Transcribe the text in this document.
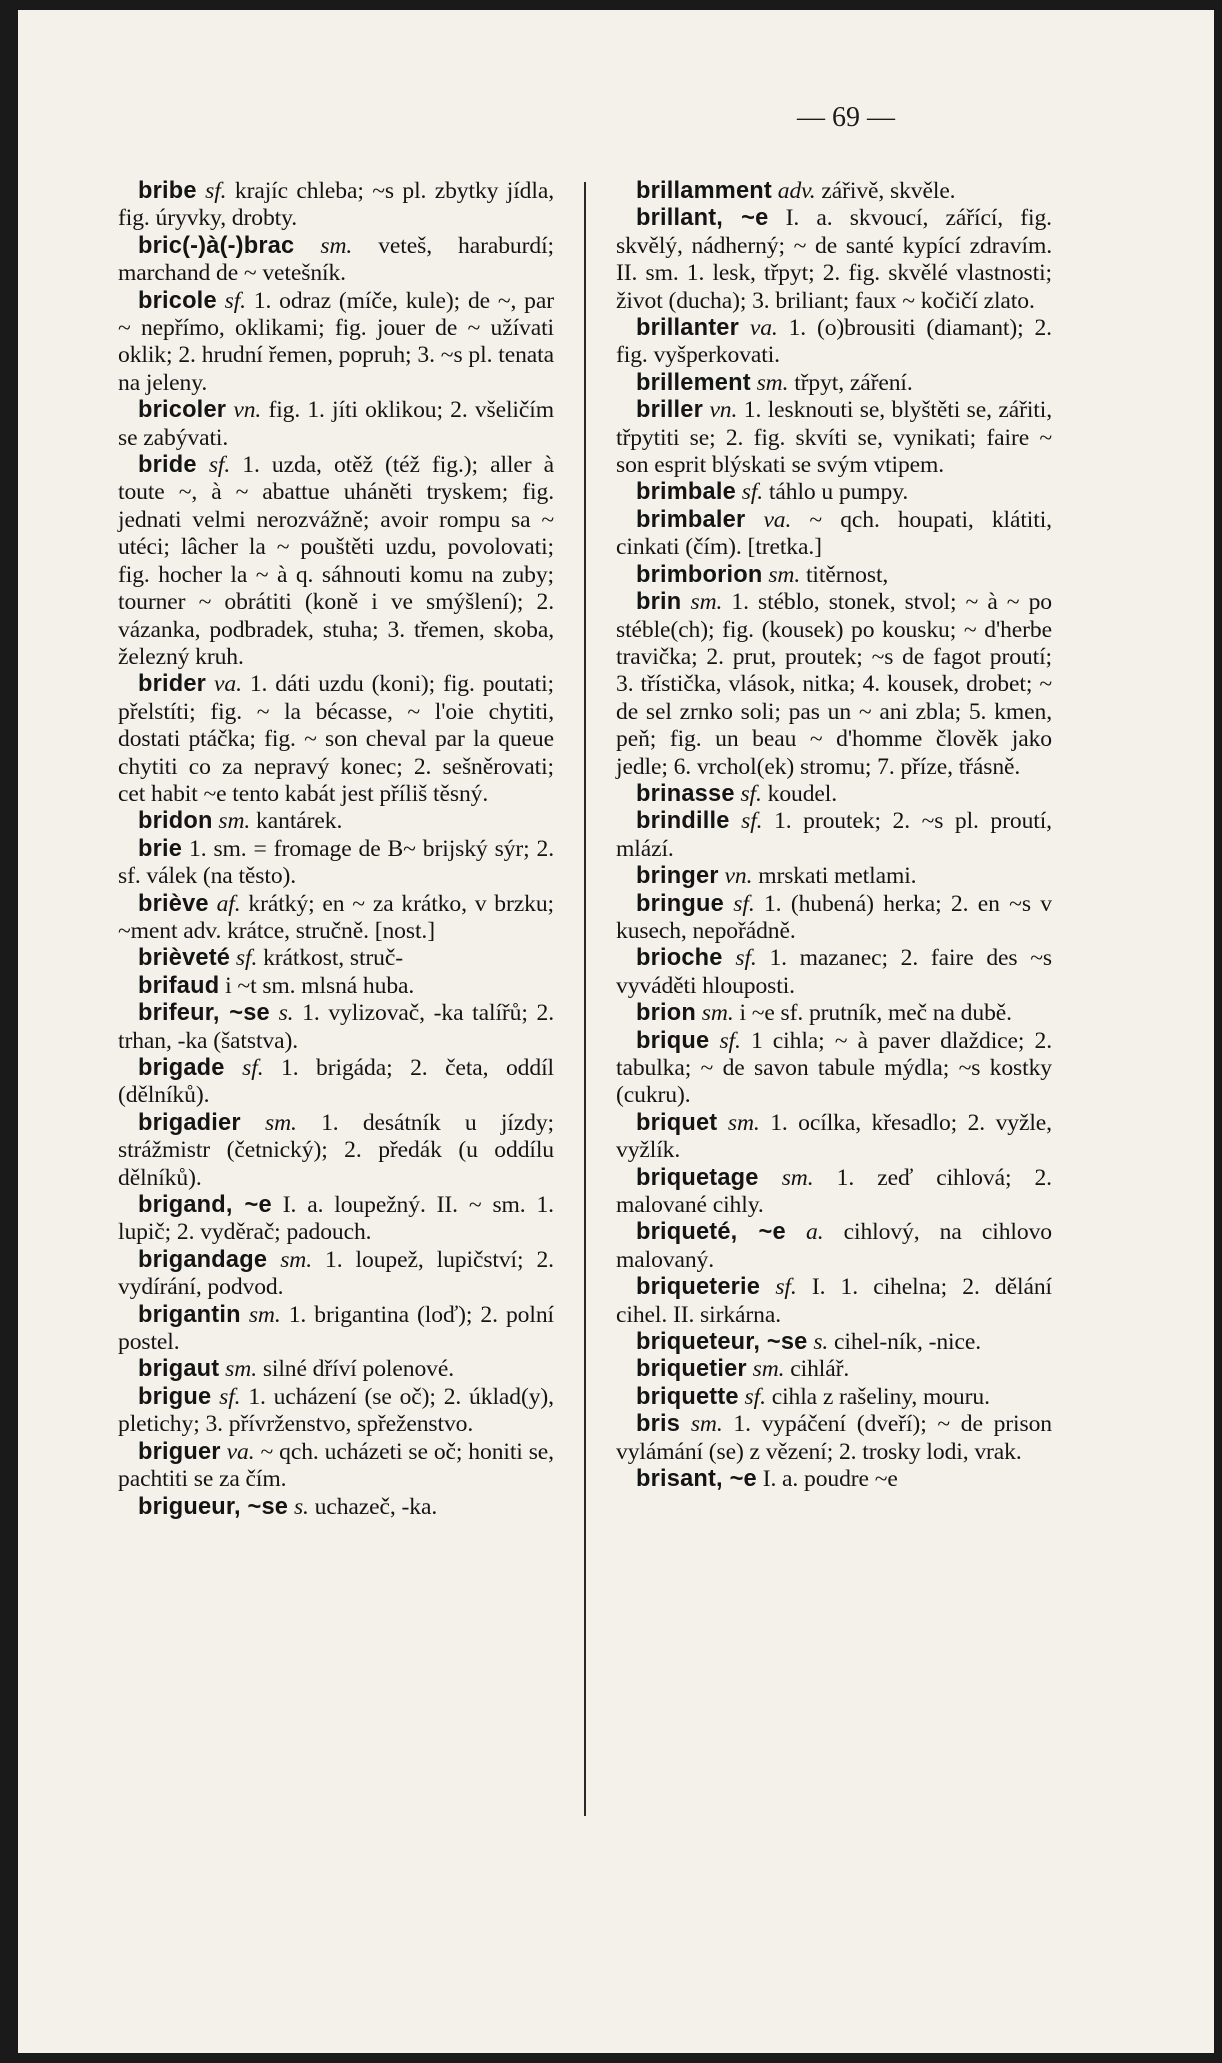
— 69 —

bribe sf. krajíc chleba; ~s pl. zbytky jídla, fig. úryvky, drobty.

bric(-)à(-)brac sm. veteš, haraburdí; marchand de ~ vetešník.

bricole sf. 1. odraz (míče, kule); de ~, par ~ nepřímo, oklikami; fig. jouer de ~ užívati oklik; 2. hrudní řemen, popruh; 3. ~s pl. tenata na jeleny.

bricoler vn. fig. 1. jíti oklikou; 2. všeličím se zabývati.

bride sf. 1. uzda, otěž (též fig.); aller à toute ~, à ~ abattue uháněti tryskem; fig. jednati velmi nerozvážně; avoir rompu sa ~ utéci; lâcher la ~ pouštěti uzdu, povolovati; fig. hocher la ~ à q. sáhnouti komu na zuby; tourner ~ obrátiti (koně i ve smýšlení); 2. vázanka, podbradek, stuha; 3. třemen, skoba, železný kruh.

brider va. 1. dáti uzdu (koni); fig. poutati; přelstíti; fig. ~ la bécasse, ~ l'oie chytiti, dostati ptáčka; fig. ~ son cheval par la queue chytiti co za nepravý konec; 2. sešněrovati; cet habit ~e tento kabát jest příliš těsný.

bridon sm. kantárek.

brie 1. sm. = fromage de B~ brijský sýr; 2. sf. válek (na těsto).

briève af. krátký; en ~ za krátko, v brzku; ~ment adv. krátce, stručně. [nost.]

brièveté sf. krátkost, struč-

brifaud i ~t sm. mlsná huba.

brifeur, ~se s. 1. vylizovač, -ka talířů; 2. trhan, -ka (šatstva).

brigade sf. 1. brigáda; 2. četa, oddíl (dělníků).

brigadier sm. 1. desátník u jízdy; strážmistr (četnický); 2. předák (u oddílu dělníků).

brigand, ~e I. a. loupežný. II. ~ sm. 1. lupič; 2. vyděrač; padouch.

brigandage sm. 1. loupež, lupičství; 2. vydírání, podvod.

brigantin sm. 1. brigantina (loď); 2. polní postel.

brigaut sm. silné dříví polenové.

brigue sf. 1. ucházení (se oč); 2. úklad(y), pletichy; 3. přívrženstvo, spřeženstvo.

briguer va. ~ qch. ucházeti se oč; honiti se, pachtiti se za čím.

brigueur, ~se s. uchazeč, -ka.

brillamment adv. zářivě, skvěle.

brillant, ~e I. a. skvoucí, zářící, fig. skvělý, nádherný; ~ de santé kypící zdravím. II. sm. 1. lesk, třpyt; 2. fig. skvělé vlastnosti; život (ducha); 3. briliant; faux ~ kočičí zlato.

brillanter va. 1. (o)brousiti (diamant); 2. fig. vyšperkovati.

brillement sm. třpyt, záření.

briller vn. 1. lesknouti se, blyštěti se, zářiti, třpytiti se; 2. fig. skvíti se, vynikati; faire ~ son esprit blýskati se svým vtipem.

brimbale sf. táhlo u pumpy.

brimbaler va. ~ qch. houpati, klátiti, cinkati (čím). [tretka.]

brimborion sm. titěrnost,

brin sm. 1. stéblo, stonek, stvol; ~ à ~ po stéble(ch); fig. (kousek) po kousku; ~ d'herbe travička; 2. prut, proutek; ~s de fagot proutí; 3. třístička, vlások, nitka; 4. kousek, drobet; ~ de sel zrnko soli; pas un ~ ani zbla; 5. kmen, peň; fig. un beau ~ d'homme člověk jako jedle; 6. vrchol(ek) stromu; 7. příze, třásně.

brinasse sf. koudel.

brindille sf. 1. proutek; 2. ~s pl. proutí, mlází.

bringer vn. mrskati metlami.

bringue sf. 1. (hubená) herka; 2. en ~s v kusech, nepořádně.

brioche sf. 1. mazanec; 2. faire des ~s vyváděti hlouposti.

brion sm. i ~e sf. prutník, meč na dubě.

brique sf. 1 cihla; ~ à paver dlaždice; 2. tabulka; ~ de savon tabule mýdla; ~s kostky (cukru).

briquet sm. 1. ocílka, křesadlo; 2. vyžle, vyžlík.

briquetage sm. 1. zeď cihlová; 2. malované cihly.

briqueté, ~e a. cihlový, na cihlovo malovaný.

briqueterie sf. I. 1. cihelna; 2. dělání cihel. II. sirkárna.

briqueteur, ~se s. cihel-ník, -nice.

briquetier sm. cihlář.

briquette sf. cihla z rašeliny, mouru.

bris sm. 1. vypáčení (dveří); ~ de prison vylámání (se) z vězení; 2. trosky lodi, vrak.

brisant, ~e I. a. poudre ~e
